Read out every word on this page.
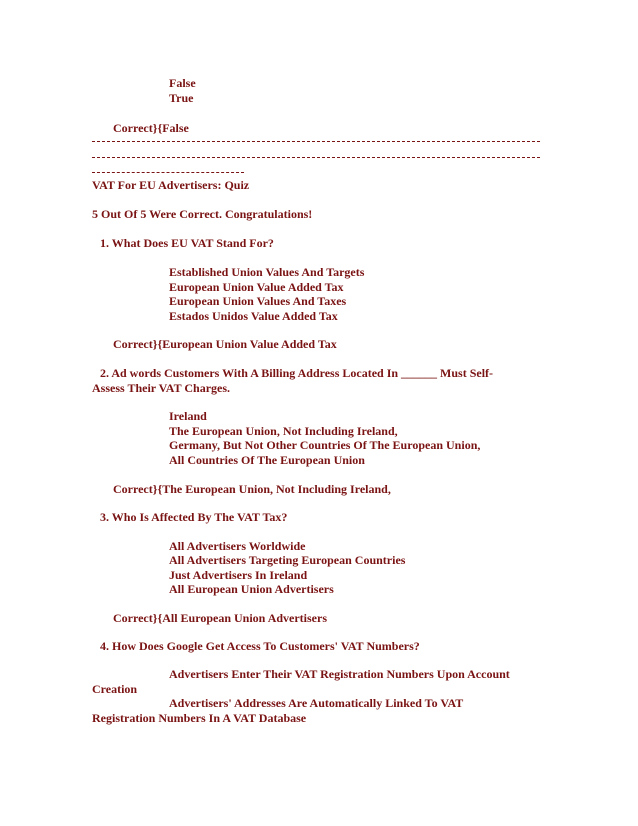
False

True

Correct}{False

VAT For EU Advertisers: Quiz

5 Out Of 5 Were Correct. Congratulations!

1. What Does EU VAT Stand For?

Established Union Values And Targets

European Union Value Added Tax

European Union Values And Taxes

Estados Unidos Value Added Tax

Correct}{European Union Value Added Tax

2. Ad words Customers With A Billing Address Located In ______ Must Self-

Assess Their VAT Charges.

Ireland

The European Union, Not Including Ireland,

Germany, But Not Other Countries Of The European Union,

All Countries Of The European Union

Correct}{The European Union, Not Including Ireland,

3. Who Is Affected By The VAT Tax?

All Advertisers Worldwide

All Advertisers Targeting European Countries

Just Advertisers In Ireland

All European Union Advertisers

Correct}{All European Union Advertisers

4. How Does Google Get Access To Customers' VAT Numbers?

Advertisers Enter Their VAT Registration Numbers Upon Account

Creation

Advertisers' Addresses Are Automatically Linked To VAT

Registration Numbers In A VAT Database
